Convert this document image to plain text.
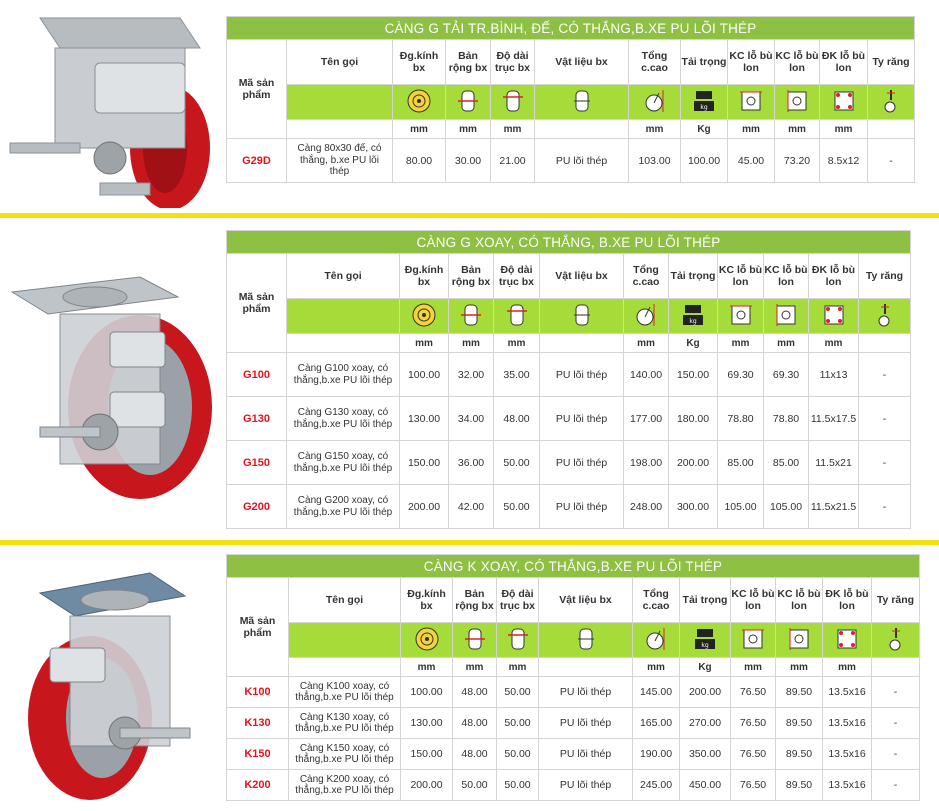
CÀNG G TẢI TR.BÌNH, ĐẾ, CÓ THẮNG,B.XE PU LÕI THÉP											
Mã sản phẩm	Tên gọi	Đg.kính bx	Bản rộng bx	Độ dài trục bx	Vật liệu bx	Tổng c.cao	Tải trọng	KC lỗ bù lon	KC lỗ bù lon	ĐK lỗ bù lon	Ty răng

kg

		mm	mm	mm		mm	Kg	mm	mm	mm	
G29D	Càng 80x30 đế, có thắng, b.xe PU lõi thép	80.00	30.00	21.00	PU lõi thép	103.00	100.00	45.00	73.20	8.5x12	-
CÀNG G XOAY, CÓ THẮNG, B.XE PU LÕI THÉP											
Mã sản phẩm	Tên gọi	Đg.kính bx	Bản rộng bx	Độ dài trục bx	Vật liệu bx	Tổng c.cao	Tải trọng	KC lỗ bù lon	KC lỗ bù lon	ĐK lỗ bù lon	Ty răng

kg

		mm	mm	mm		mm	Kg	mm	mm	mm	
G100	Càng G100 xoay, có thắng,b.xe PU lõi thép	100.00	32.00	35.00	PU lõi thép	140.00	150.00	69.30	69.30	11x13	-
G130	Càng G130 xoay, có thắng,b.xe PU lõi thép	130.00	34.00	48.00	PU lõi thép	177.00	180.00	78.80	78.80	11.5x17.5	-
G150	Càng G150 xoay, có thắng,b.xe PU lõi thép	150.00	36.00	50.00	PU lõi thép	198.00	200.00	85.00	85.00	11.5x21	-
G200	Càng G200 xoay, có thắng,b.xe PU lõi thép	200.00	42.00	50.00	PU lõi thép	248.00	300.00	105.00	105.00	11.5x21.5	-
CÀNG K XOAY, CÓ THẮNG,B.XE PU LÕI THÉP											
Mã sản phẩm	Tên gọi	Đg.kính bx	Bản rộng bx	Độ dài trục bx	Vật liệu bx	Tổng c.cao	Tải trọng	KC lỗ bù lon	KC lỗ bù lon	ĐK lỗ bù lon	Ty răng

kg

		mm	mm	mm		mm	Kg	mm	mm	mm	
K100	Càng K100 xoay, có thẳng,b.xe PU lõi thép	100.00	48.00	50.00	PU lõi thép	145.00	200.00	76.50	89.50	13.5x16	-
K130	Càng K130 xoay, có thẳng,b.xe PU lõi thép	130.00	48.00	50.00	PU lõi thép	165.00	270.00	76.50	89.50	13.5x16	-
K150	Càng K150 xoay, có thẳng,b.xe PU lõi thép	150.00	48.00	50.00	PU lõi thép	190.00	350.00	76.50	89.50	13.5x16	-
K200	Càng K200 xoay, có thẳng,b.xe PU lõi thép	200.00	50.00	50.00	PU lõi thép	245.00	450.00	76.50	89.50	13.5x16	-
